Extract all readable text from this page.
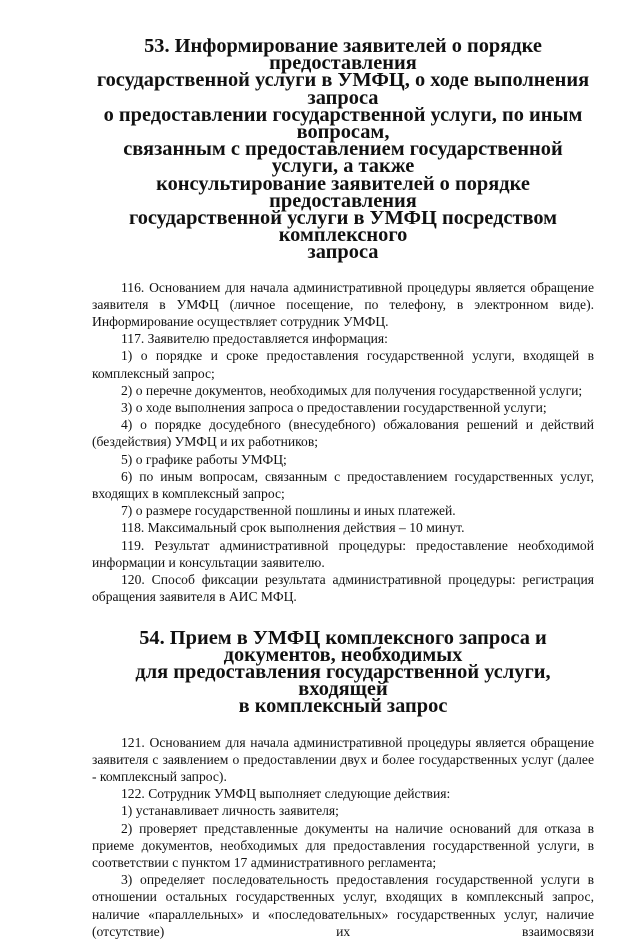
53. Информирование заявителей о порядке предоставления
государственной услуги в УМФЦ, о ходе выполнения запроса
о предоставлении государственной услуги, по иным вопросам,
связанным с предоставлением государственной услуги, а также
консультирование заявителей о порядке предоставления
государственной услуги в УМФЦ посредством комплексного
запроса

116. Основанием для начала административной процедуры является обращение заявителя в УМФЦ (личное посещение, по телефону, в электронном виде). Информирование осуществляет сотрудник УМФЦ.

117. Заявителю предоставляется информация:

1) о порядке и сроке предоставления государственной услуги, входящей в комплексный запрос;

2) о перечне документов, необходимых для получения государственной услуги;

3) о ходе выполнения запроса о предоставлении государственной услуги;

4) о порядке досудебного (внесудебного) обжалования решений и действий (бездействия) УМФЦ и их работников;

5) о графике работы УМФЦ;

6) по иным вопросам, связанным с предоставлением государственных услуг, входящих в комплексный запрос;

7) о размере государственной пошлины и иных платежей.

118. Максимальный срок выполнения действия – 10 минут.

119. Результат административной процедуры: предоставление необходимой информации и консультации заявителю.

120. Способ фиксации результата административной процедуры: регистрация обращения заявителя в АИС МФЦ.

54. Прием в УМФЦ комплексного запроса и документов, необходимых
для предоставления государственной услуги, входящей
в комплексный запрос

121. Основанием для начала административной процедуры является обращение заявителя с заявлением о предоставлении двух и более государственных услуг (далее - комплексный запрос).

122. Сотрудник УМФЦ выполняет следующие действия:

1) устанавливает личность заявителя;

2) проверяет представленные документы на наличие оснований для отказа в приеме документов, необходимых для предоставления государственной услуги, в соответствии с пунктом 17 административного регламента;

3) определяет последовательность предоставления государственной услуги в отношении остальных государственных услуг, входящих в комплексный запрос, наличие «параллельных» и «последовательных» государственных услуг, наличие (отсутствие) их взаимосвязи
